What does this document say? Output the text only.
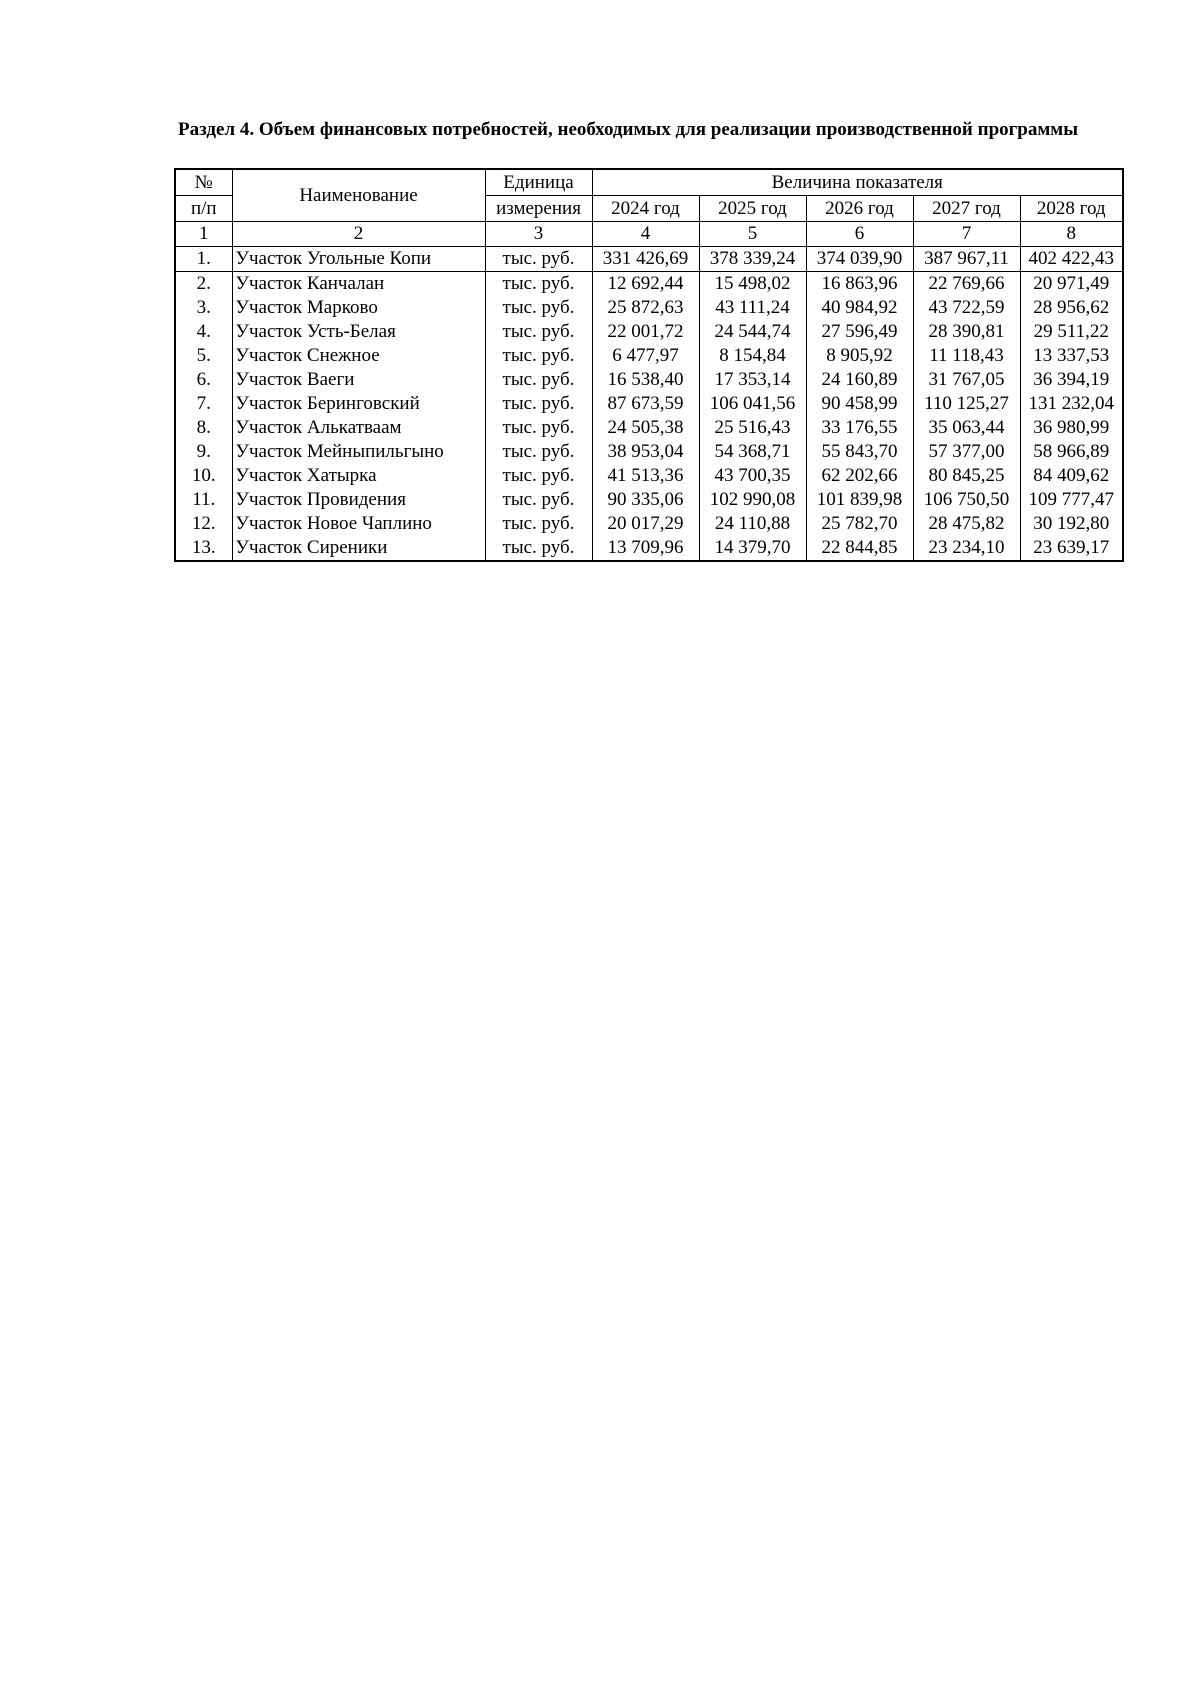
Раздел 4. Объем финансовых потребностей, необходимых для реализации производственной программы
№	Наименование	Единица	Величина показателя				
п/п		измерения	2024 год	2025 год	2026 год	2027 год	2028 год
1	2	3	4	5	6	7	8
1.	Участок Угольные Копи	тыс. руб.	331 426,69	378 339,24	374 039,90	387 967,11	402 422,43
2.	Участок Канчалан	тыс. руб.	12 692,44	15 498,02	16 863,96	22 769,66	20 971,49
3.	Участок Марково	тыс. руб.	25 872,63	43 111,24	40 984,92	43 722,59	28 956,62
4.	Участок Усть-Белая	тыс. руб.	22 001,72	24 544,74	27 596,49	28 390,81	29 511,22
5.	Участок Снежное	тыс. руб.	6 477,97	8 154,84	8 905,92	11 118,43	13 337,53
6.	Участок Ваеги	тыс. руб.	16 538,40	17 353,14	24 160,89	31 767,05	36 394,19
7.	Участок Беринговский	тыс. руб.	87 673,59	106 041,56	90 458,99	110 125,27	131 232,04
8.	Участок Алькатваам	тыс. руб.	24 505,38	25 516,43	33 176,55	35 063,44	36 980,99
9.	Участок Мейныпильгыно	тыс. руб.	38 953,04	54 368,71	55 843,70	57 377,00	58 966,89
10.	Участок Хатырка	тыс. руб.	41 513,36	43 700,35	62 202,66	80 845,25	84 409,62
11.	Участок Провидения	тыс. руб.	90 335,06	102 990,08	101 839,98	106 750,50	109 777,47
12.	Участок Новое Чаплино	тыс. руб.	20 017,29	24 110,88	25 782,70	28 475,82	30 192,80
13.	Участок Сиреники	тыс. руб.	13 709,96	14 379,70	22 844,85	23 234,10	23 639,17
